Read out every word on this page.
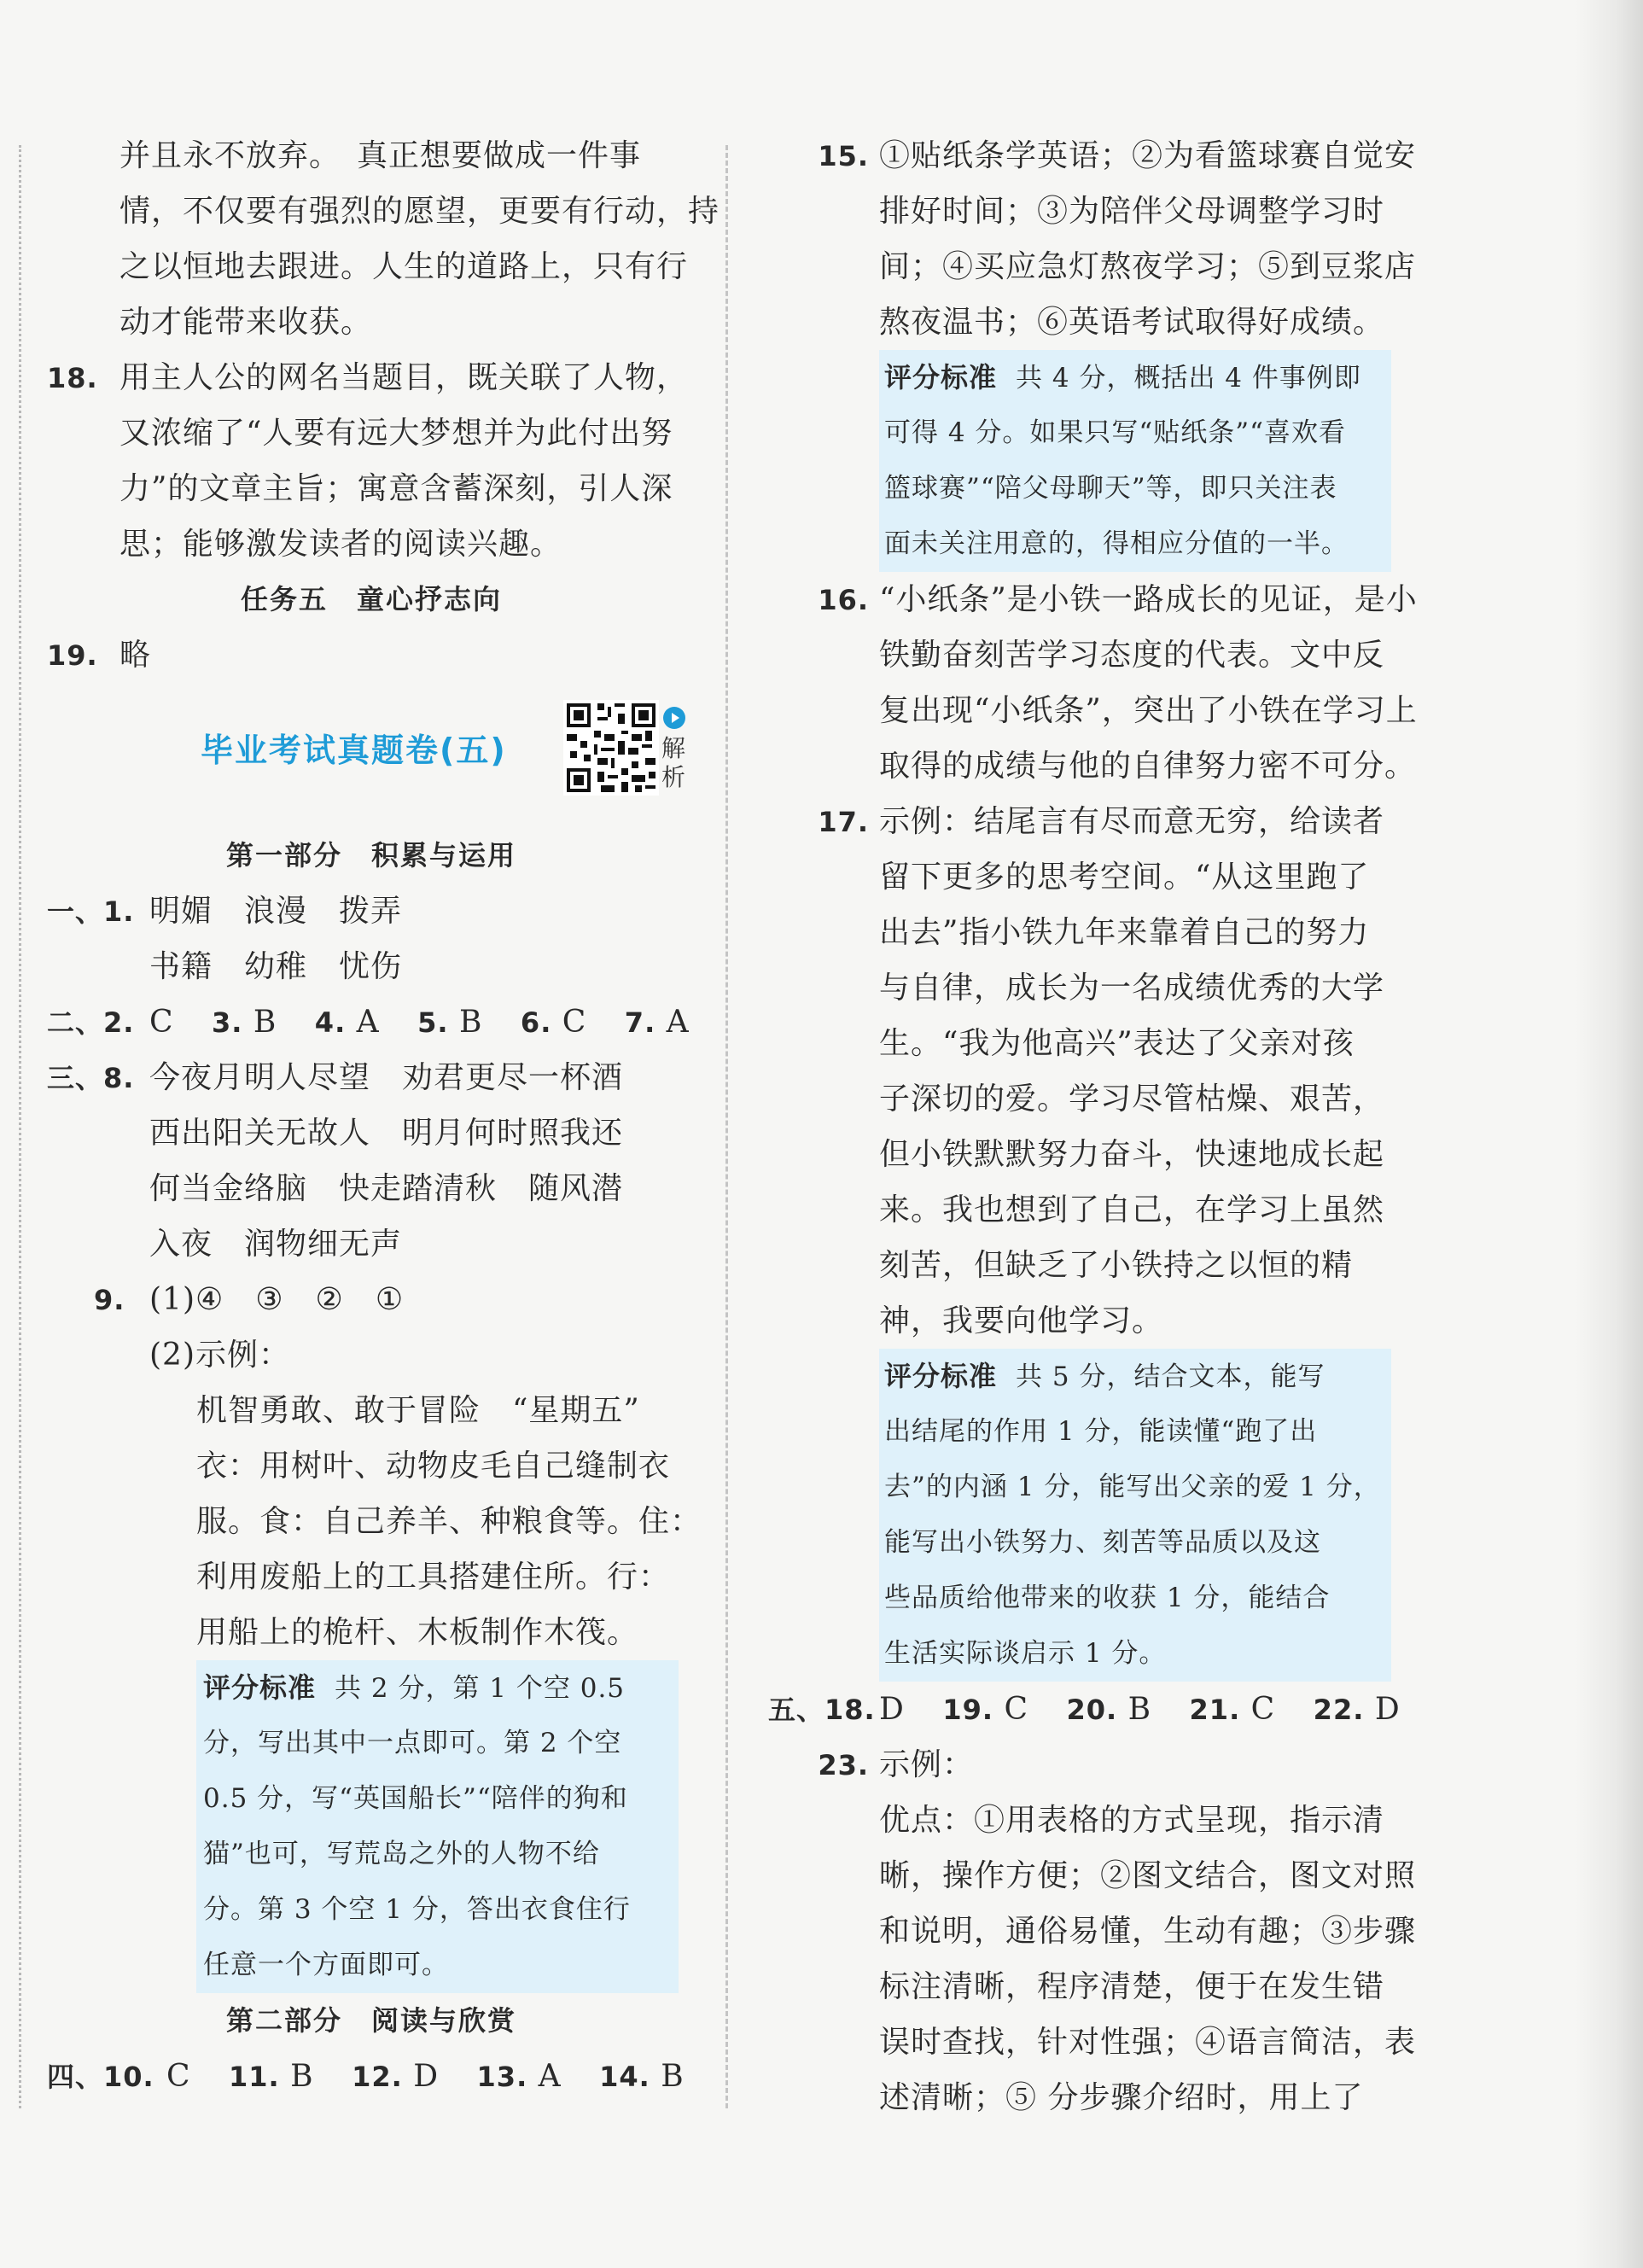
并且永不放弃。　真正想要做成一件事
情，不仅要有强烈的愿望，更要有行动，持
之以恒地去跟进。人生的道路上，只有行
动才能带来收获。
18. 用主人公的网名当题目，既关联了人物，
又浓缩了“人要有远大梦想并为此付出努
力”的文章主旨；寓意含蓄深刻，引人深
思；能够激发读者的阅读兴趣。
任务五　童心抒志向
19. 略
毕业考试真题卷(五)	解析
第一部分　积累与运用
一、1. 明媚　浪漫　拨弄
书籍　幼稚　忧伤
二、2. C 3. B 4. A 5. B 6. C 7. A
三、8. 今夜月明人尽望　劝君更尽一杯酒
西出阳关无故人　明月何时照我还
何当金络脑　快走踏清秋　随风潜
入夜　润物细无声
9. (1)④　③　②　①
(2)示例：
机智勇敢、敢于冒险　“星期五”
衣：用树叶、动物皮毛自己缝制衣
服。食：自己养羊、种粮食等。住：
利用废船上的工具搭建住所。行：
用船上的桅杆、木板制作木筏。
评分标准 共 2 分，第 1 个空 0.5
分，写出其中一点即可。第 2 个空
0.5 分，写“英国船长”“陪伴的狗和
猫”也可，写荒岛之外的人物不给
分。第 3 个空 1 分，答出衣食住行
任意一个方面即可。
第二部分　阅读与欣赏
四、10. C 11. B 12. D 13. A 14. B
15. ①贴纸条学英语；②为看篮球赛自觉安
排好时间；③为陪伴父母调整学习时
间；④买应急灯熬夜学习；⑤到豆浆店
熬夜温书；⑥英语考试取得好成绩。
评分标准 共 4 分，概括出 4 件事例即
可得 4 分。如果只写“贴纸条”“喜欢看
篮球赛”“陪父母聊天”等，即只关注表
面未关注用意的，得相应分值的一半。
16. “小纸条”是小铁一路成长的见证，是小
铁勤奋刻苦学习态度的代表。文中反
复出现“小纸条”，突出了小铁在学习上
取得的成绩与他的自律努力密不可分。
17. 示例：结尾言有尽而意无穷，给读者
留下更多的思考空间。“从这里跑了
出去”指小铁九年来靠着自己的努力
与自律，成长为一名成绩优秀的大学
生。“我为他高兴”表达了父亲对孩
子深切的爱。学习尽管枯燥、艰苦，
但小铁默默努力奋斗，快速地成长起
来。我也想到了自己，在学习上虽然
刻苦，但缺乏了小铁持之以恒的精
神，我要向他学习。
评分标准 共 5 分，结合文本，能写
出结尾的作用 1 分，能读懂“跑了出
去”的内涵 1 分，能写出父亲的爱 1 分，
能写出小铁努力、刻苦等品质以及这
些品质给他带来的收获 1 分，能结合
生活实际谈启示 1 分。
五、18. D 19. C 20. B 21. C 22. D
23. 示例：
优点：①用表格的方式呈现，指示清
晰，操作方便；②图文结合，图文对照
和说明，通俗易懂，生动有趣；③步骤
标注清晰，程序清楚，便于在发生错
误时查找，针对性强；④语言简洁，表
述清晰；⑤ 分步骤介绍时，用上了
